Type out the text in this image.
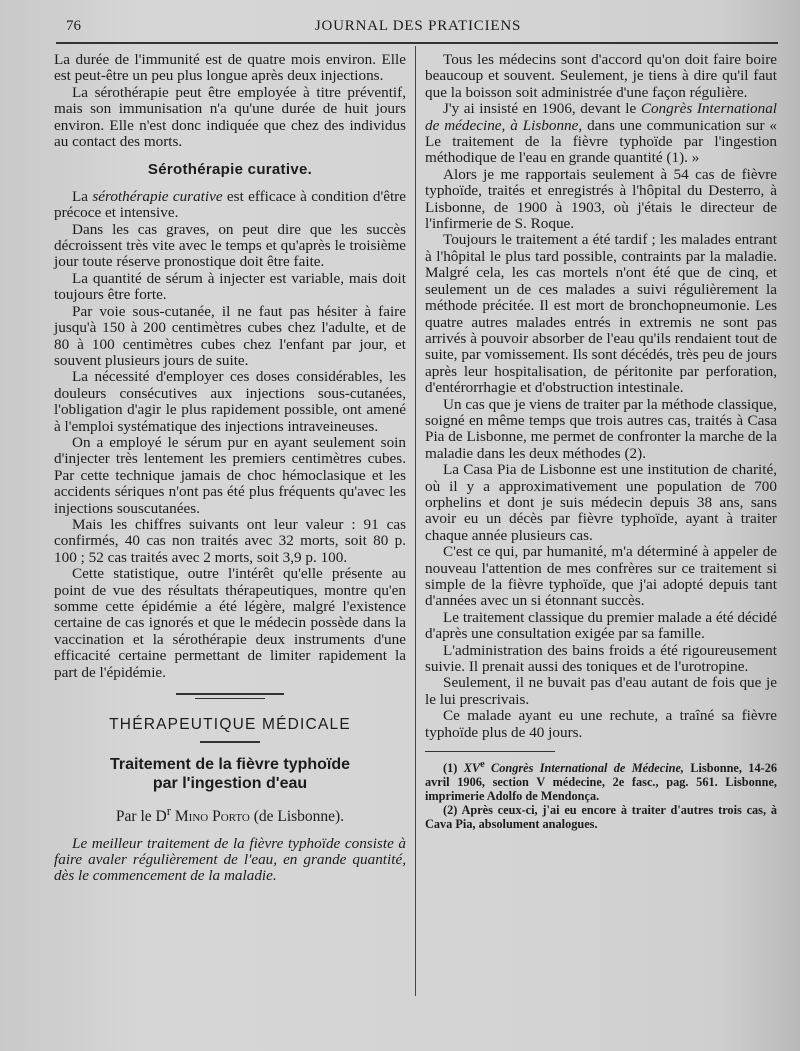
76	JOURNAL DES PRATICIENS

La durée de l'immunité est de quatre mois environ. Elle est peut-être un peu plus longue après deux injections.

La sérothérapie peut être employée à titre préventif, mais son immunisation n'a qu'une durée de huit jours environ. Elle n'est donc indiquée que chez des individus au contact des morts.

Sérothérapie curative.

La sérothérapie curative est efficace à condition d'être précoce et intensive.

Dans les cas graves, on peut dire que les succès décroissent très vite avec le temps et qu'après le troisième jour toute réserve pronostique doit être faite.

La quantité de sérum à injecter est variable, mais doit toujours être forte.

Par voie sous-cutanée, il ne faut pas hésiter à faire jusqu'à 150 à 200 centimètres cubes chez l'adulte, et de 80 à 100 centimètres cubes chez l'enfant par jour, et souvent plusieurs jours de suite.

La nécessité d'employer ces doses considérables, les douleurs consécutives aux injections sous-cutanées, l'obligation d'agir le plus rapidement possible, ont amené à l'emploi systématique des injections intraveineuses.

On a employé le sérum pur en ayant seulement soin d'injecter très lentement les premiers centimètres cubes. Par cette technique jamais de choc hémoclasique et les accidents sériques n'ont pas été plus fréquents qu'avec les injections souscutanées.

Mais les chiffres suivants ont leur valeur : 91 cas confirmés, 40 cas non traités avec 32 morts, soit 80 p. 100 ; 52 cas traités avec 2 morts, soit 3,9 p. 100.

Cette statistique, outre l'intérêt qu'elle présente au point de vue des résultats thérapeutiques, montre qu'en somme cette épidémie a été légère, malgré l'existence certaine de cas ignorés et que le médecin possède dans la vaccination et la sérothérapie deux instruments d'une efficacité certaine permettant de limiter rapidement la part de l'épidémie.

THÉRAPEUTIQUE MÉDICALE
Traitement de la fièvre typhoïde
par l'ingestion d'eau
Par le $D^r$ Mino Porto (de Lisbonne).

Le meilleur traitement de la fièvre typhoïde consiste à faire avaler régulièrement de l'eau, en grande quantité, dès le commencement de la maladie.

Tous les médecins sont d'accord qu'on doit faire boire beaucoup et souvent. Seulement, je tiens à dire qu'il faut que la boisson soit administrée d'une façon régulière.

J'y ai insisté en 1906, devant le Congrès International de médecine, à Lisbonne, dans une communication sur « Le traitement de la fièvre typhoïde par l'ingestion méthodique de l'eau en grande quantité (1). »

Alors je me rapportais seulement à 54 cas de fièvre typhoïde, traités et enregistrés à l'hôpital du Desterro, à Lisbonne, de 1900 à 1903, où j'étais le directeur de l'infirmerie de S. Roque.

Toujours le traitement a été tardif ; les malades entrant à l'hôpital le plus tard possible, contraints par la maladie. Malgré cela, les cas mortels n'ont été que de cinq, et seulement un de ces malades a suivi régulièrement la méthode précitée. Il est mort de bronchopneumonie. Les quatre autres malades entrés in extremis ne sont pas arrivés à pouvoir absorber de l'eau qu'ils rendaient tout de suite, par vomissement. Ils sont décédés, très peu de jours après leur hospitalisation, de péritonite par perforation, d'entérorrhagie et d'obstruction intestinale.

Un cas que je viens de traiter par la méthode classique, soigné en même temps que trois autres cas, traités à Casa Pia de Lisbonne, me permet de confronter la marche de la maladie dans les deux méthodes (2).

La Casa Pia de Lisbonne est une institution de charité, où il y a approximativement une population de 700 orphelins et dont je suis médecin depuis 38 ans, sans avoir eu un décès par fièvre typhoïde, ayant à traiter chaque année plusieurs cas.

C'est ce qui, par humanité, m'a déterminé à appeler de nouveau l'attention de mes confrères sur ce traitement si simple de la fièvre typhoïde, que j'ai adopté depuis tant d'années avec un si étonnant succès.

Le traitement classique du premier malade a été décidé d'après une consultation exigée par sa famille.

L'administration des bains froids a été rigoureusement suivie. Il prenait aussi des toniques et de l'urotropine.

Seulement, il ne buvait pas d'eau autant de fois que je le lui prescrivais.

Ce malade ayant eu une rechute, a traîné sa fièvre typhoïde plus de 40 jours.

(1) XVe Congrès International de Médecine, Lisbonne, 14-26 avril 1906, section V médecine, 2e fasc., pag. 561. Lisbonne, imprimerie Adolfo de Mendonça.

(2) Après ceux-ci, j'ai eu encore à traiter d'autres trois cas, à Cava Pia, absolument analogues.
